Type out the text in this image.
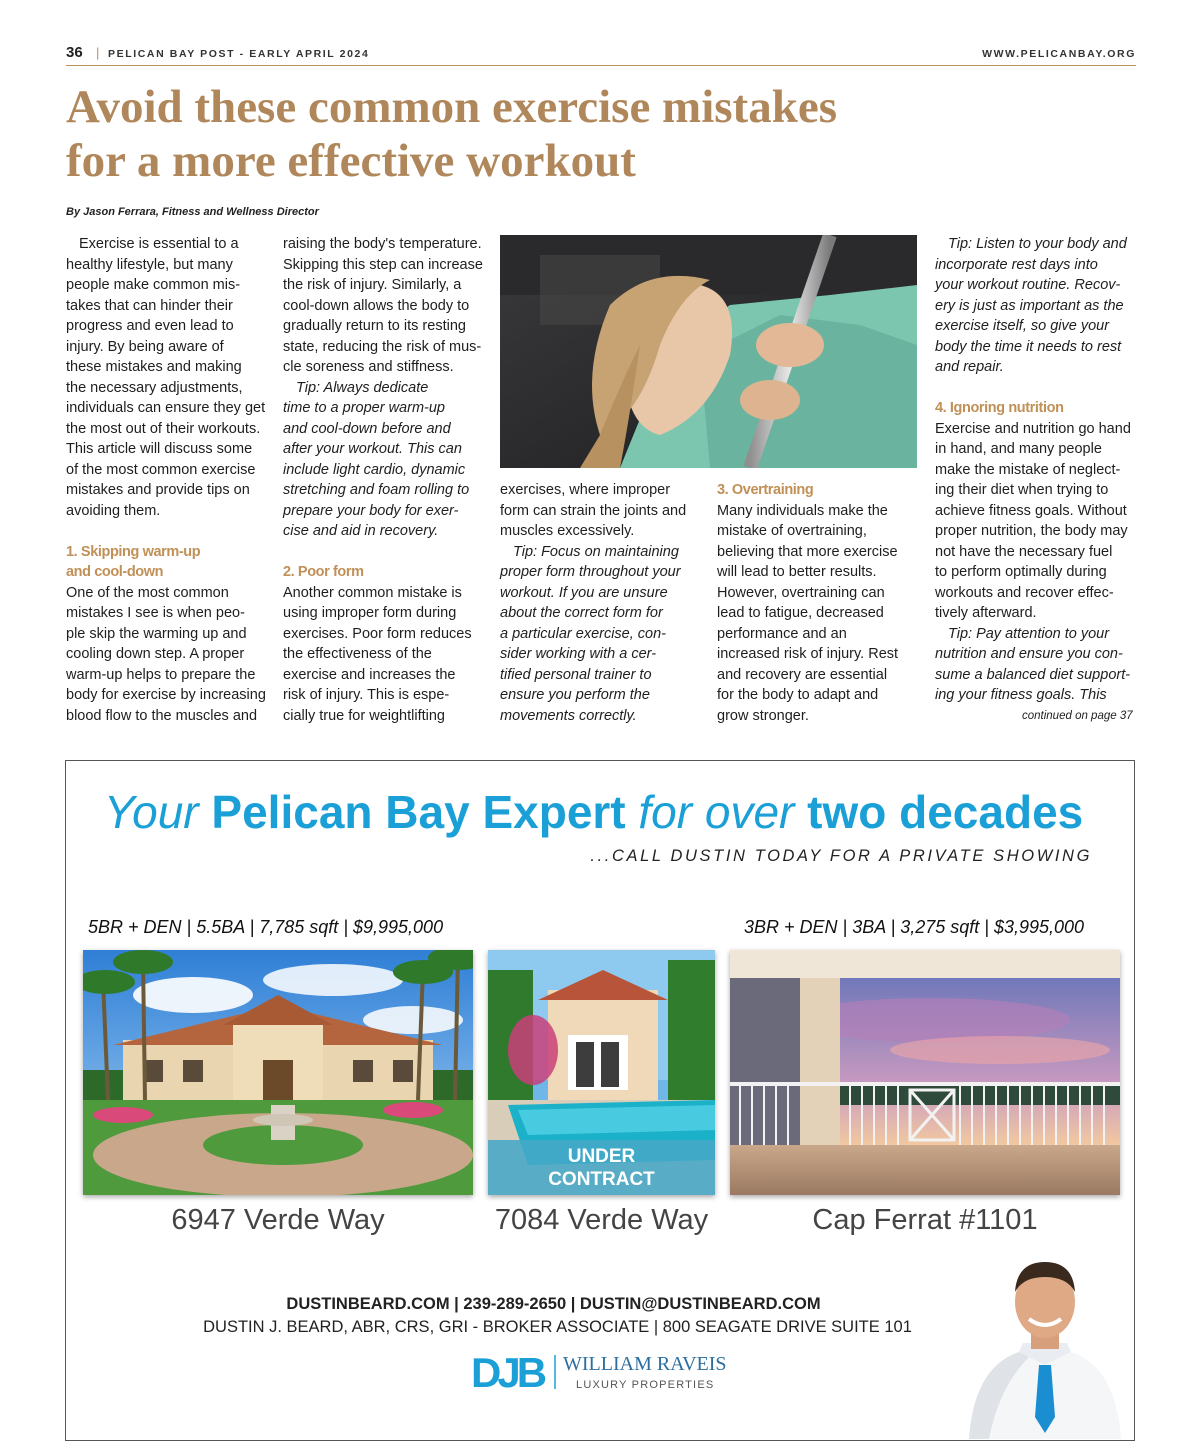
36 | PELICAN BAY POST - EARLY APRIL 2024	WWW.PELICANBAY.ORG
Avoid these common exercise mistakes
for a more effective workout
By Jason Ferrara, Fitness and Wellness Director
Exercise is essential to a
healthy lifestyle, but many
people make common mis-
takes that can hinder their
progress and even lead to
injury. By being aware of
these mistakes and making
the necessary adjustments,
individuals can ensure they get
the most out of their workouts.
This article will discuss some
of the most common exercise
mistakes and provide tips on
avoiding them.
1. Skipping warm-up
and cool-down
One of the most common
mistakes I see is when peo-
ple skip the warming up and
cooling down step. A proper
warm-up helps to prepare the
body for exercise by increasing
blood flow to the muscles and
raising the body's temperature.
Skipping this step can increase
the risk of injury. Similarly, a
cool-down allows the body to
gradually return to its resting
state, reducing the risk of mus-
cle soreness and stiffness.
Tip: Always dedicate
time to a proper warm-up
and cool-down before and
after your workout. This can
include light cardio, dynamic
stretching and foam rolling to
prepare your body for exer-
cise and aid in recovery.
2. Poor form
Another common mistake is
using improper form during
exercises. Poor form reduces
the effectiveness of the
exercise and increases the
risk of injury. This is espe-
cially true for weightlifting
exercises, where improper
form can strain the joints and
muscles excessively.
Tip: Focus on maintaining
proper form throughout your
workout. If you are unsure
about the correct form for
a particular exercise, con-
sider working with a cer-
tified personal trainer to
ensure you perform the
movements correctly.
3. Overtraining
Many individuals make the
mistake of overtraining,
believing that more exercise
will lead to better results.
However, overtraining can
lead to fatigue, decreased
performance and an
increased risk of injury. Rest
and recovery are essential
for the body to adapt and
grow stronger.
Tip: Listen to your body and
incorporate rest days into
your workout routine. Recov-
ery is just as important as the
exercise itself, so give your
body the time it needs to rest
and repair.
4. Ignoring nutrition
Exercise and nutrition go hand
in hand, and many people
make the mistake of neglect-
ing their diet when trying to
achieve fitness goals. Without
proper nutrition, the body may
not have the necessary fuel
to perform optimally during
workouts and recover effec-
tively afterward.
Tip: Pay attention to your
nutrition and ensure you con-
sume a balanced diet support-
ing your fitness goals. This
continued on page 37
Your Pelican Bay Expert for over two decades
...CALL DUSTIN TODAY FOR A PRIVATE SHOWING
5BR + DEN | 5.5BA | 7,785 sqft | $9,995,000	3BR + DEN | 3BA | 3,275 sqft | $3,995,000
UNDER
CONTRACT
6947 Verde Way	7084 Verde Way	Cap Ferrat #1101
DUSTINBEARD.COM | 239-289-2650 | DUSTIN@DUSTINBEARD.COM
DUSTIN J. BEARD, ABR, CRS, GRI - BROKER ASSOCIATE | 800 SEAGATE DRIVE SUITE 101
DJB WILLIAM RAVEIS
LUXURY PROPERTIES
